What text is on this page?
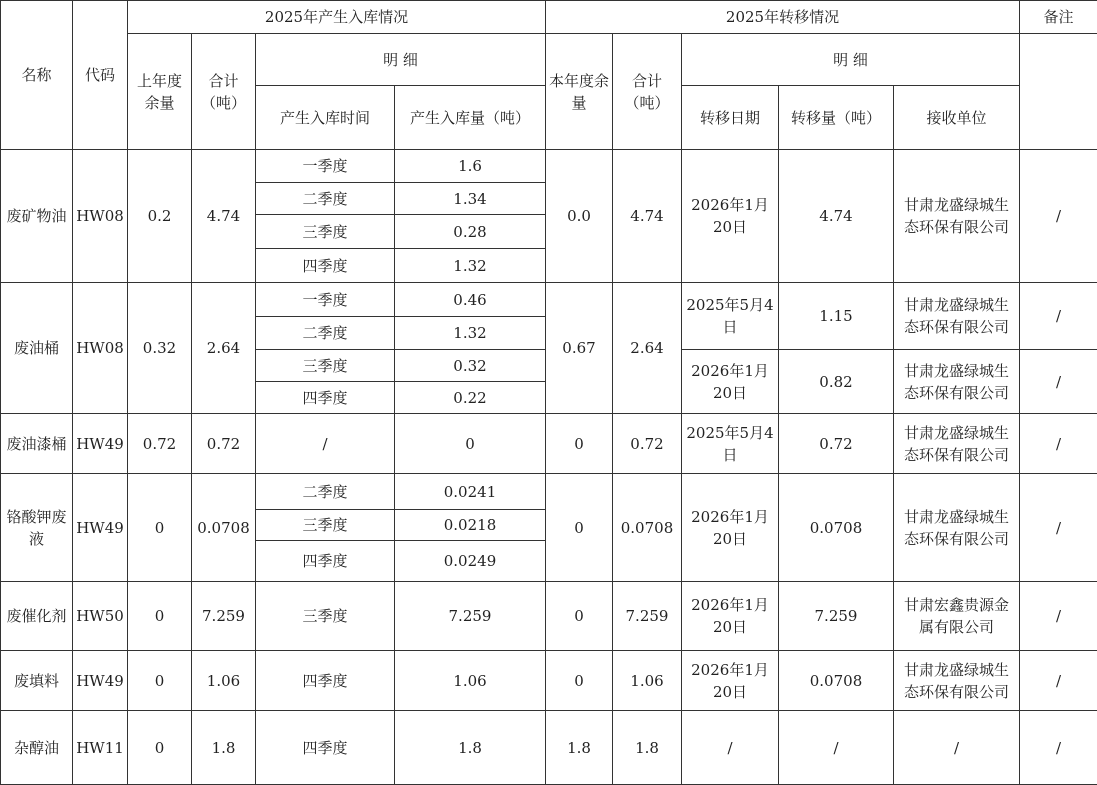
名称	代码	2025年产生入库情况				2025年转移情况					备注
		上年度余量	合计（吨）	明 细		本年度余量	合计（吨）	明 细			
				产生入库时间	产生入库量（吨）			转移日期	转移量（吨）	接收单位	
废矿物油	HW08	0.2	4.74	一季度	1.6	0.0	4.74	2026年1月20日	4.74	甘肃龙盛绿城生态环保有限公司	/
				二季度	1.34						
				三季度	0.28						
				四季度	1.32						
废油桶	HW08	0.32	2.64	一季度	0.46	0.67	2.64	2025年5月4日	1.15	甘肃龙盛绿城生态环保有限公司	/
				二季度	1.32						
				三季度	0.32			2026年1月20日	0.82	甘肃龙盛绿城生态环保有限公司	/
				四季度	0.22						
废油漆桶	HW49	0.72	0.72	/	0	0	0.72	2025年5月4日	0.72	甘肃龙盛绿城生态环保有限公司	/
铬酸钾废液	HW49	0	0.0708	二季度	0.0241	0	0.0708	2026年1月20日	0.0708	甘肃龙盛绿城生态环保有限公司	/
				三季度	0.0218						
				四季度	0.0249						
废催化剂	HW50	0	7.259	三季度	7.259	0	7.259	2026年1月20日	7.259	甘肃宏鑫贵源金属有限公司	/
废填料	HW49	0	1.06	四季度	1.06	0	1.06	2026年1月20日	0.0708	甘肃龙盛绿城生态环保有限公司	/
杂醇油	HW11	0	1.8	四季度	1.8	1.8	1.8	/	/	/	/
